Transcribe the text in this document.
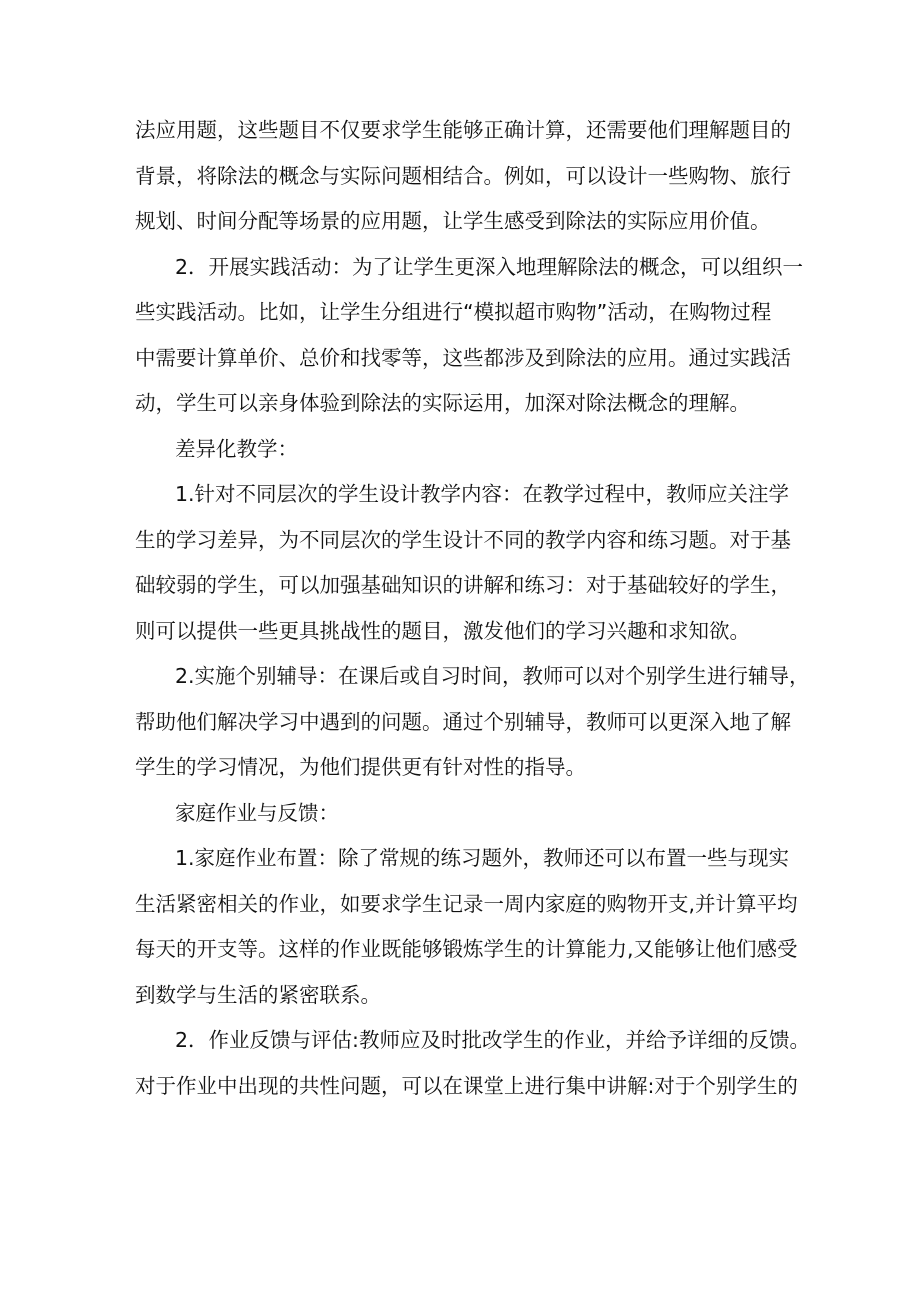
法应用题，这些题目不仅要求学生能够正确计算，还需要他们理解题目的
背景，将除法的概念与实际问题相结合。例如，可以设计一些购物、旅行
规划、时间分配等场景的应用题，让学生感受到除法的实际应用价值。
2．开展实践活动：为了让学生更深入地理解除法的概念，可以组织一
些实践活动。比如，让学生分组进行“模拟超市购物”活动，在购物过程
中需要计算单价、总价和找零等，这些都涉及到除法的应用。通过实践活
动，学生可以亲身体验到除法的实际运用，加深对除法概念的理解。
差异化教学：
1.针对不同层次的学生设计教学内容：在教学过程中，教师应关注学
生的学习差异，为不同层次的学生设计不同的教学内容和练习题。对于基
础较弱的学生，可以加强基础知识的讲解和练习：对于基础较好的学生，
则可以提供一些更具挑战性的题目，激发他们的学习兴趣和求知欲。
2.实施个别辅导：在课后或自习时间，教师可以对个别学生进行辅导，
帮助他们解决学习中遇到的问题。通过个别辅导，教师可以更深入地了解
学生的学习情况，为他们提供更有针对性的指导。
家庭作业与反馈：
1.家庭作业布置：除了常规的练习题外，教师还可以布置一些与现实
生活紧密相关的作业，如要求学生记录一周内家庭的购物开支,并计算平均
每天的开支等。这样的作业既能够锻炼学生的计算能力,又能够让他们感受
到数学与生活的紧密联系。
2．作业反馈与评估:教师应及时批改学生的作业，并给予详细的反馈。
对于作业中出现的共性问题，可以在课堂上进行集中讲解:对于个别学生的
